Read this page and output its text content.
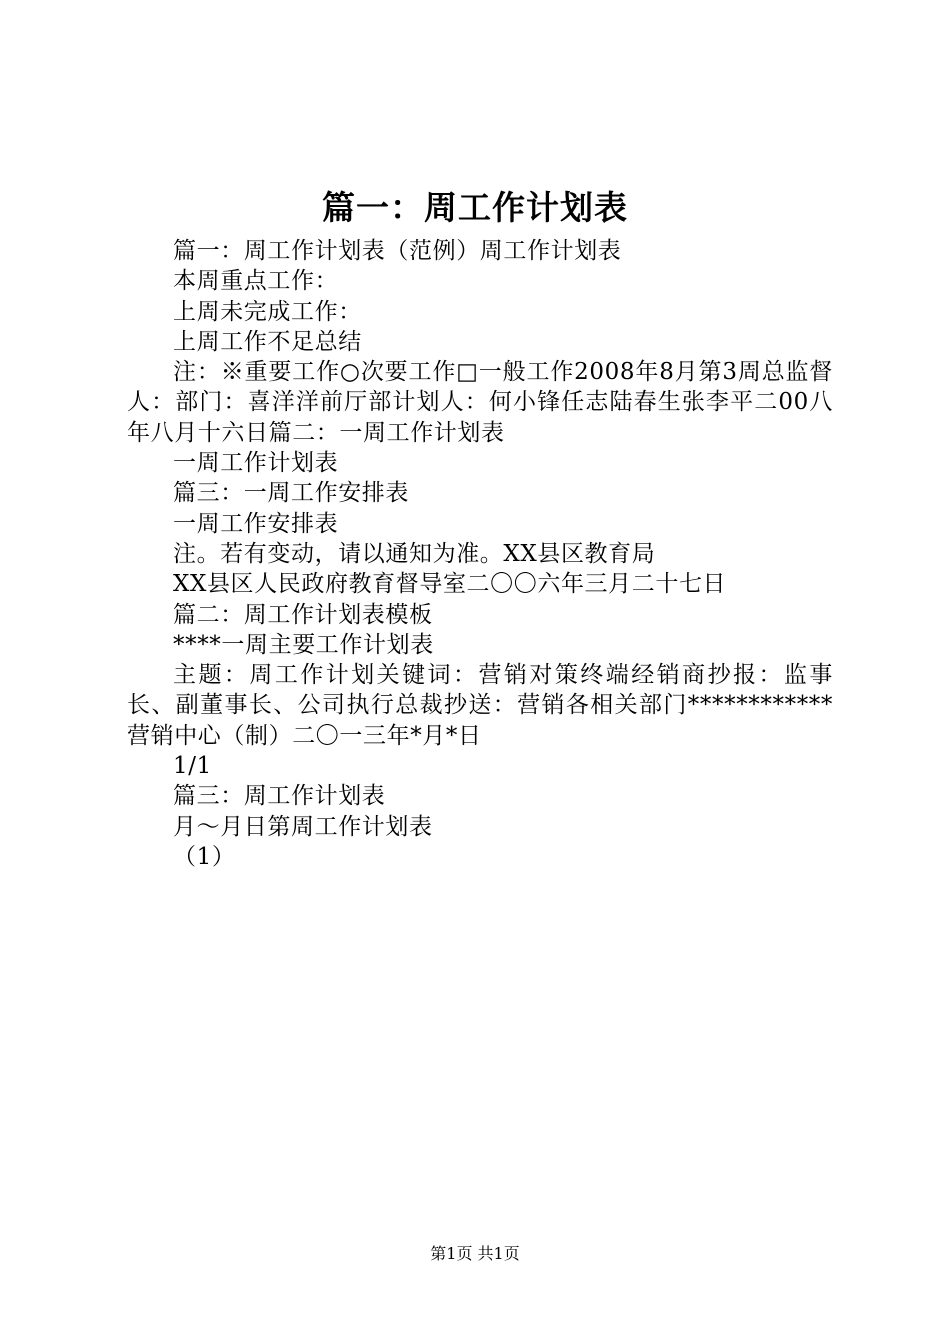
篇一：周工作计划表

篇一：周工作计划表（范例）周工作计划表

本周重点工作：

上周未完成工作：

上周工作不足总结

注：※重要工作○次要工作□一般工作2008年8月第3周总监督人：部门：喜洋洋前厅部计划人：何小锋任志陆春生张李平二00八年八月十六日篇二：一周工作计划表

一周工作计划表

篇三：一周工作安排表

一周工作安排表

注。若有变动，请以通知为准。XX县区教育局

XX县区人民政府教育督导室二〇〇六年三月二十七日

篇二：周工作计划表模板

****一周主要工作计划表

主题：周工作计划关键词：营销对策终端经销商抄报：监事长、副董事长、公司执行总裁抄送：营销各相关部门************营销中心（制）二〇一三年*月*日

1/1

篇三：周工作计划表

月～月日第周工作计划表

（1）

第1页 共1页
